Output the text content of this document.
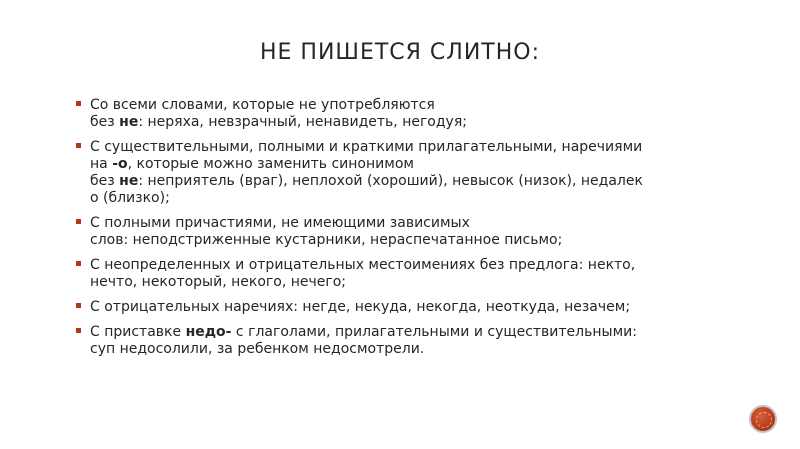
НЕ ПИШЕТСЯ СЛИТНО:
Со всеми словами, которые не употребляются
без не: неряха, невзрачный, ненавидеть, негодуя;
С существительными, полными и краткими прилагательными, наречиями
на -о, которые можно заменить синонимом
без не: неприятель (враг), неплохой (хороший), невысок (низок), недалек
о (близко);
С полными причастиями, не имеющими зависимых
слов: неподстриженные кустарники, нераспечатанное письмо;
С неопределенных и отрицательных местоимениях без предлога: некто,
нечто, некоторый, некого, нечего;
С отрицательных наречиях: негде, некуда, некогда, неоткуда, незачем;
С приставке недо- с глаголами, прилагательными и существительными:
суп недосолили, за ребенком недосмотрели.
